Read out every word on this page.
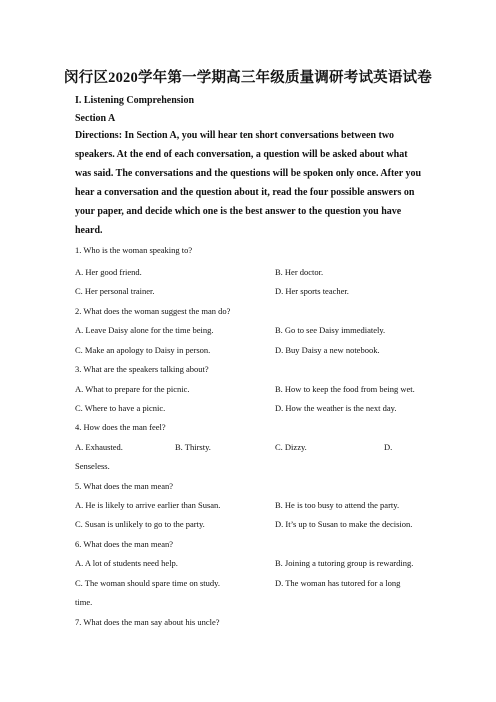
闵行区2020学年第一学期高三年级质量调研考试英语试卷
I. Listening Comprehension
Section A
Directions: In Section A, you will hear ten short conversations between two
speakers. At the end of each conversation, a question will be asked about what
was said. The conversations and the questions will be spoken only once. After you
hear a conversation and the question about it, read the four possible answers on
your paper, and decide which one is the best answer to the question you have
heard.
1. Who is the woman speaking to?
A. Her good friend.	B. Her doctor.
C. Her personal trainer.	D. Her sports teacher.
2. What does the woman suggest the man do?
A. Leave Daisy alone for the time being.	B. Go to see Daisy immediately.
C. Make an apology to Daisy in person.	D. Buy Daisy a new notebook.
3. What are the speakers talking about?
A. What to prepare for the picnic.	B. How to keep the food from being wet.
C. Where to have a picnic.	D. How the weather is the next day.
4. How does the man feel?
A. Exhausted.	B. Thirsty.	C. Dizzy.	D.
Senseless.
5. What does the man mean?
A. He is likely to arrive earlier than Susan.	B. He is too busy to attend the party.
C. Susan is unlikely to go to the party.	D. It’s up to Susan to make the decision.
6. What does the man mean?
A. A lot of students need help.	B. Joining a tutoring group is rewarding.
C. The woman should spare time on study.	D. The woman has tutored for a long
time.
7. What does the man say about his uncle?
